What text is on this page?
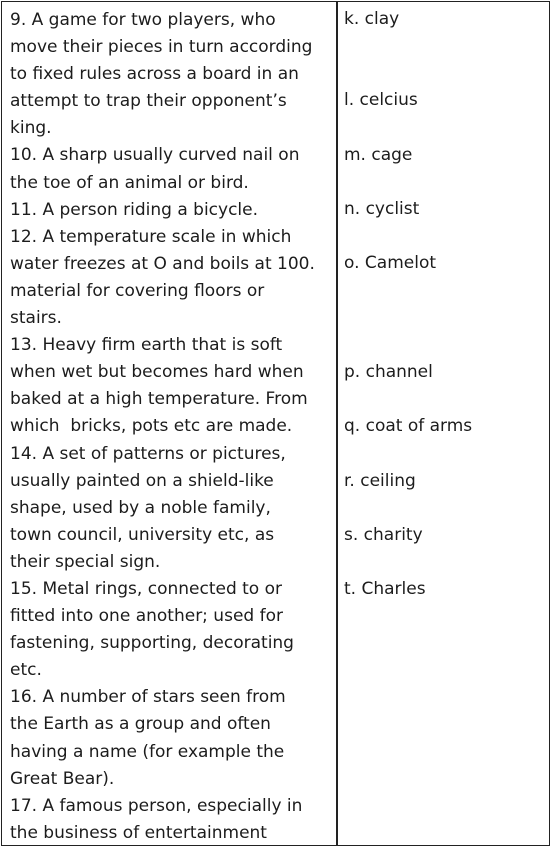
9. A game for two players, who
move their pieces in turn according
to fixed rules across a board in an
attempt to trap their opponent’s
king.
10. A sharp usually curved nail on
the toe of an animal or bird.
11. A person riding a bicycle.
12. A temperature scale in which
water freezes at O and boils at 100.
material for covering floors or
stairs.
13. Heavy firm earth that is soft
when wet but becomes hard when
baked at a high temperature. From
which  bricks, pots etc are made.
14. A set of patterns or pictures,
usually painted on a shield-like
shape, used by a noble family,
town council, university etc, as
their special sign.
15. Metal rings, connected to or
fitted into one another; used for
fastening, supporting, decorating
etc.
16. A number of stars seen from
the Earth as a group and often
having a name (for example the
Great Bear).
17. A famous person, especially in
the business of entertainment
k. clay
l. celcius
m. cage
n. cyclist
o. Camelot
p. channel
q. coat of arms
r. ceiling
s. charity
t. Charles
